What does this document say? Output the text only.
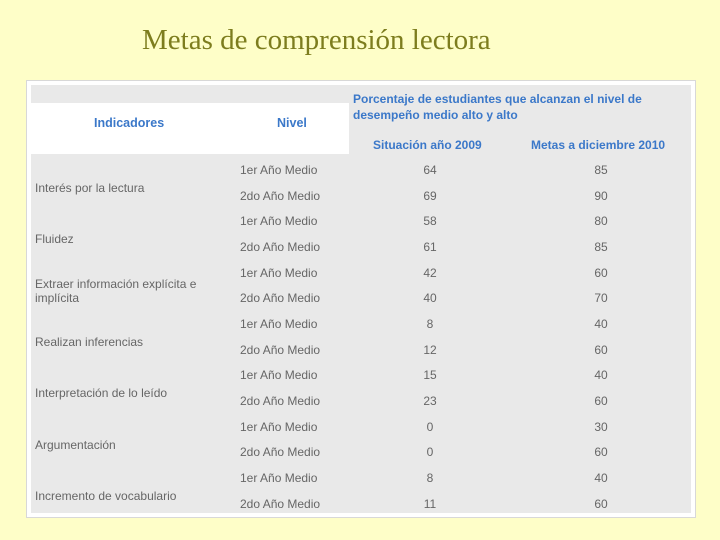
Metas de comprensión lectora
Indicadores	Nivel
Porcentaje de estudiantes que alcanzan el nivel de desempeño medio alto y alto
Situación año 2009	Metas a diciembre 2010
Interés por la lectura
1er Año Medio	64	85
2do Año Medio	69	90
Fluidez
1er Año Medio	58	80
2do Año Medio	61	85
Extraer información explícita e implícita
1er Año Medio	42	60
2do Año Medio	40	70
Realizan inferencias
1er Año Medio	8	40
2do Año Medio	12	60
Interpretación de lo leído
1er Año Medio	15	40
2do Año Medio	23	60
Argumentación
1er Año Medio	0	30
2do Año Medio	0	60
Incremento de vocabulario
1er Año Medio	8	40
2do Año Medio	11	60
